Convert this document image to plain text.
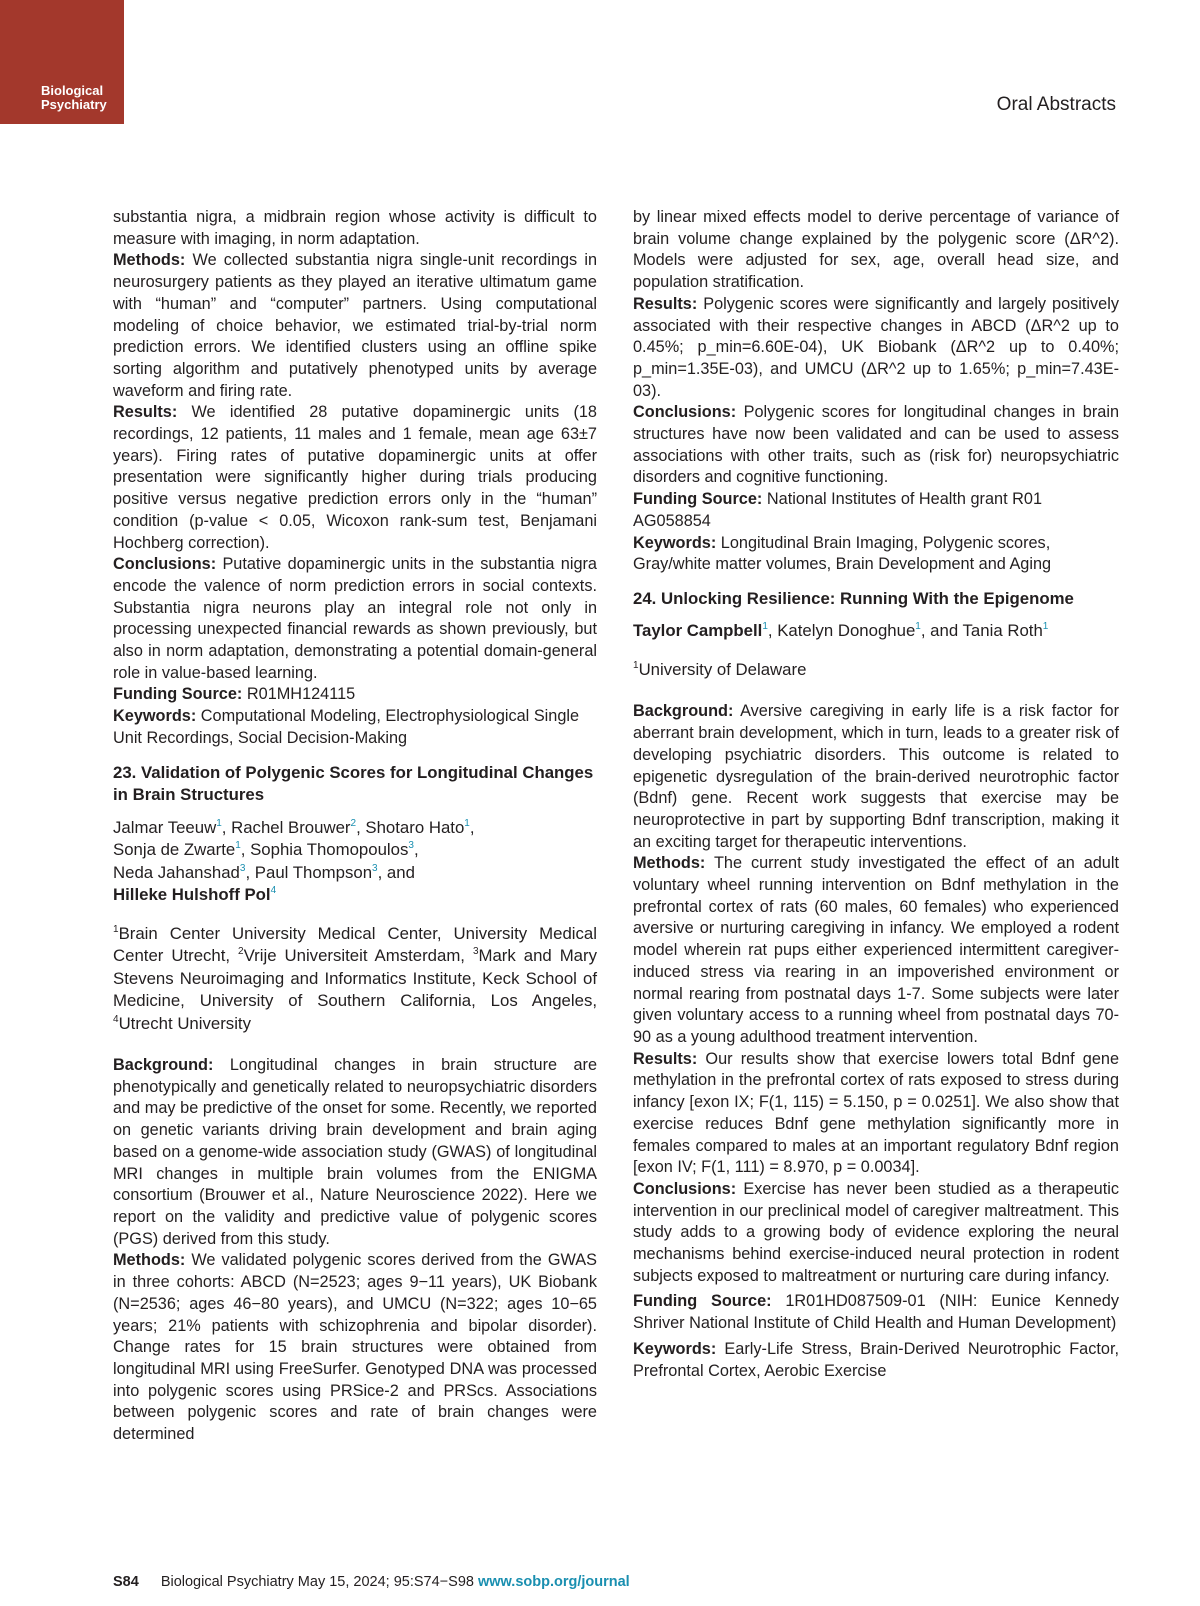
Biological
Psychiatry	Oral Abstracts

substantia nigra, a midbrain region whose activity is difficult to measure with imaging, in norm adaptation.

Methods: We collected substantia nigra single-unit recordings in neurosurgery patients as they played an iterative ultimatum game with “human” and “computer” partners. Using computational modeling of choice behavior, we estimated trial-by-trial norm prediction errors. We identified clusters using an offline spike sorting algorithm and putatively phenotyped units by average waveform and firing rate.

Results: We identified 28 putative dopaminergic units (18 recordings, 12 patients, 11 males and 1 female, mean age 63±7 years). Firing rates of putative dopaminergic units at offer presentation were significantly higher during trials producing positive versus negative prediction errors only in the “human” condition (p-value < 0.05, Wicoxon rank-sum test, Benjamani Hochberg correction).

Conclusions: Putative dopaminergic units in the substantia nigra encode the valence of norm prediction errors in social contexts. Substantia nigra neurons play an integral role not only in processing unexpected financial rewards as shown previously, but also in norm adaptation, demonstrating a potential domain-general role in value-based learning.

Funding Source: R01MH124115

Keywords: Computational Modeling, Electrophysiological Single Unit Recordings, Social Decision-Making

23. Validation of Polygenic Scores for Longitudinal Changes in Brain Structures

Jalmar Teeuw$^1$, Rachel Brouwer$^2$, Shotaro Hato$^1$,
Sonja de Zwarte$^1$, Sophia Thomopoulos$^3$,
Neda Jahanshad$^3$, Paul Thompson$^3$, and
Hilleke Hulshoff Pol$^4$

$^1$Brain Center University Medical Center, University Medical Center Utrecht, $^2$Vrije Universiteit Amsterdam, $^3$Mark and Mary Stevens Neuroimaging and Informatics Institute, Keck School of Medicine, University of Southern California, Los Angeles, $^4$Utrecht University

Background: Longitudinal changes in brain structure are phenotypically and genetically related to neuropsychiatric disorders and may be predictive of the onset for some. Recently, we reported on genetic variants driving brain development and brain aging based on a genome-wide association study (GWAS) of longitudinal MRI changes in multiple brain volumes from the ENIGMA consortium (Brouwer et al., Nature Neuroscience 2022). Here we report on the validity and predictive value of polygenic scores (PGS) derived from this study.

Methods: We validated polygenic scores derived from the GWAS in three cohorts: ABCD (N=2523; ages 9−11 years), UK Biobank (N=2536; ages 46−80 years), and UMCU (N=322; ages 10−65 years; 21% patients with schizophrenia and bipolar disorder). Change rates for 15 brain structures were obtained from longitudinal MRI using FreeSurfer. Genotyped DNA was processed into polygenic scores using PRSice-2 and PRScs. Associations between polygenic scores and rate of brain changes were determined

by linear mixed effects model to derive percentage of variance of brain volume change explained by the polygenic score (ΔR^2). Models were adjusted for sex, age, overall head size, and population stratification.

Results: Polygenic scores were significantly and largely positively associated with their respective changes in ABCD (ΔR^2 up to 0.45%; p_min=6.60E-04), UK Biobank (ΔR^2 up to 0.40%; p_min=1.35E-03), and UMCU (ΔR^2 up to 1.65%; p_min=7.43E-03).

Conclusions: Polygenic scores for longitudinal changes in brain structures have now been validated and can be used to assess associations with other traits, such as (risk for) neuropsychiatric disorders and cognitive functioning.

Funding Source: National Institutes of Health grant R01 AG058854

Keywords: Longitudinal Brain Imaging, Polygenic scores, Gray/white matter volumes, Brain Development and Aging

24. Unlocking Resilience: Running With the Epigenome

Taylor Campbell$^1$, Katelyn Donoghue$^1$, and Tania Roth$^1$

$^1$University of Delaware

Background: Aversive caregiving in early life is a risk factor for aberrant brain development, which in turn, leads to a greater risk of developing psychiatric disorders. This outcome is related to epigenetic dysregulation of the brain-derived neurotrophic factor (Bdnf) gene. Recent work suggests that exercise may be neuroprotective in part by supporting Bdnf transcription, making it an exciting target for therapeutic interventions.

Methods: The current study investigated the effect of an adult voluntary wheel running intervention on Bdnf methylation in the prefrontal cortex of rats (60 males, 60 females) who experienced aversive or nurturing caregiving in infancy. We employed a rodent model wherein rat pups either experienced intermittent caregiver-induced stress via rearing in an impoverished environment or normal rearing from postnatal days 1-7. Some subjects were later given voluntary access to a running wheel from postnatal days 70-90 as a young adulthood treatment intervention.

Results: Our results show that exercise lowers total Bdnf gene methylation in the prefrontal cortex of rats exposed to stress during infancy [exon IX; F(1, 115) = 5.150, p = 0.0251]. We also show that exercise reduces Bdnf gene methylation significantly more in females compared to males at an important regulatory Bdnf region [exon IV; F(1, 111) = 8.970, p = 0.0034].

Conclusions: Exercise has never been studied as a therapeutic intervention in our preclinical model of caregiver maltreatment. This study adds to a growing body of evidence exploring the neural mechanisms behind exercise-induced neural protection in rodent subjects exposed to maltreatment or nurturing care during infancy.

Funding Source: 1R01HD087509-01 (NIH: Eunice Kennedy Shriver National Institute of Child Health and Human Development)

Keywords: Early-Life Stress, Brain-Derived Neurotrophic Factor, Prefrontal Cortex, Aerobic Exercise

S84 Biological Psychiatry May 15, 2024; 95:S74−S98 www.sobp.org/journal
